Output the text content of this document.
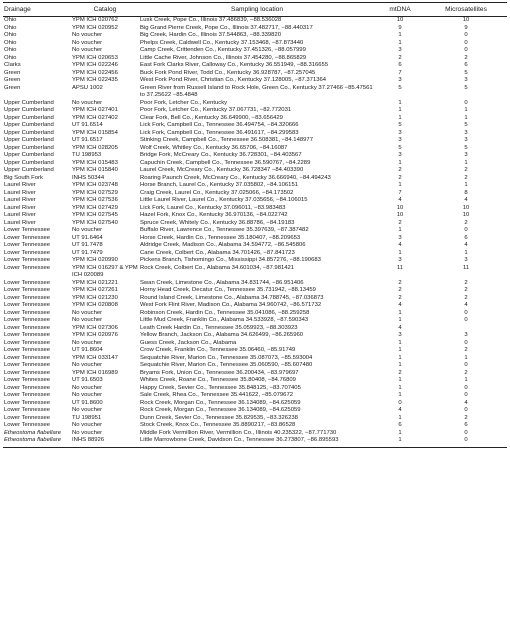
Drainage	Catalog	Sampling location	mtDNA	Microsatellites
Ohio	YPM ICH 020762	Lusk Creek, Pope Co., Illinois 37.486839, −88.536028	10	10
Ohio	YPM ICH 020952	Big Grand Pierre Creek, Pope Co., Illinois 37.482717, −88.440317	9	9
Ohio	No voucher	Big Creek, Hardin Co., Illinois 37.544863, −88.339820	1	0
Ohio	No voucher	Phelps Creek, Caldwell Co., Kentucky 37.153468, −87.873440	1	0
Ohio	No voucher	Camp Creek, Crittenden Co., Kentucky 37.451326, −88.057999	3	0
Ohio	YPM ICH 020653	Little Cache River, Johnson Co., Illinois 37.454280, −88.865829	2	2
Clarks	YPM ICH 022246	East Fork Clarks River, Calloway Co., Kentucky 36.551949, −88.316655	6	6
Green	YPM ICH 022456	Buck Fork Pond River, Todd Co., Kentucky 36.928787, −87.257045	7	5
Green	YPM ICH 022435	West Fork Pond River, Christian Co., Kentucky 37.128005, −87.371364	3	3
Green	APSU 1002	Green River from Russell Island to Rock Hole, Green Co., Kentucky 37.27466 −85.47561 to 37.25622 −85.4848	5	5
Upper Cumberland	No voucher	Poor Fork, Letcher Co., Kentucky	1	0
Upper Cumberland	YPM ICH 027401	Poor Fork, Letcher Co., Kentucky 37.067731, −82.772031	1	1
Upper Cumberland	YPM ICH 027402	Clear Fork, Bell Co., Kentucky 36.649900, −83.656429	1	1
Upper Cumberland	UT 91.6514	Lick Fork, Campbell Co., Tennessee 36.494754, −84.320666	5	5
Upper Cumberland	YPM ICH 015854	Lick Fork, Campbell Co., Tennessee 36.491617, −84.299583	3	3
Upper Cumberland	UT 91.6517	Stinking Creek, Campbell Co., Tennessee 36.508381, −84.148977	3	3
Upper Cumberland	YPM ICH 028205	Wolf Creek, Whitley Co., Kentucky 36.65706, −84.16087	5	5
Upper Cumberland	TU 198953	Bridge Fork, McCreary Co., Kentucky 36.728301, −84.403567	3	3
Upper Cumberland	YPM ICH 015483	Capuchin Creek, Campbell Co., Tennessee 36.590767, −84.2289	1	1
Upper Cumberland	YPM ICH 015840	Laurel Creek, McCreary Co., Kentucky 36.728347 −84.403390	2	2
Big South Fork	INHS 50344	Roaring Paunch Creek, McCreary Co., Kentucky 36.666940, −84.494243	2	2
Laurel River	YPM ICH 023748	Horse Branch, Laurel Co., Kentucky 37.035802, −84.106151	1	1
Laurel River	YPM ICH 027529	Craig Creek, Laurel Co., Kentucky 37.025066, −84.173502	7	8
Laurel River	YPM ICH 027536	Little Laurel River, Laurel Co., Kentucky 37.035656, −84.106015	4	4
Laurel River	YPM ICH 027429	Lick Fork, Laurel Co., Kentucky 37.096011, −83.983483	10	10
Laurel River	YPM ICH 027545	Hazel Fork, Knox Co., Kentucky 36.970136, −84.022742	10	10
Laurel River	YPM ICH 027540	Spruce Creek, Whitely Co., Kentucky 36.88786, −84.19183	2	2
Lower Tennessee	No voucher	Buffalo River, Lawrence Co., Tennessee 35.397639, −87.387482	1	0
Lower Tennessee	UT 91.6464	Horse Creek, Hardin Co., Tennessee 35.180407, −88.209653	3	6
Lower Tennessee	UT 91.7478	Aldridge Creek, Madison Co., Alabama 34.594772, −86.545806	4	4
Lower Tennessee	UT 91.7479	Cane Creek, Colbert Co., Alabama 34.701426, −87.841723	1	1
Lower Tennessee	YPM ICH 020990	Pickens Branch, Tishomingo Co., Mississippi 34.857276, −88.190683	3	3
Lower Tennessee	YPM ICH 016297 & YPM ICH 020089	Rock Creek, Colbert Co., Alabama 34.601034, −87.981421	11	11
Lower Tennessee	YPM ICH 021221	Swan Creek, Limestone Co., Alabama 34.831744, −86.951406	2	2
Lower Tennessee	YPM ICH 027261	Horny Head Creek, Decatur Co., Tennessee 35.731942, −88.13459	2	2
Lower Tennessee	YPM ICH 021230	Round Island Creek, Limestone Co., Alabama 34.788745, −87.036873	2	2
Lower Tennessee	YPM ICH 020808	West Fork Flint River, Madison Co., Alabama 34.960742, −86.571732	4	4
Lower Tennessee	No voucher	Robinson Creek, Hardin Co., Tennessee 35.041086, −88.259258	1	0
Lower Tennessee	No voucher	Little Mud Creek, Franklin Co., Alabama 34.533928, −87.590343	1	0
Lower Tennessee	YPM ICH 027306	Leath Creek Hardin Co., Tennessee 35.059923, −88.303923	4	
Lower Tennessee	YPM ICH 020976	Yellow Branch, Jackson Co., Alabama 34.626499, −86.265960	3	3
Lower Tennessee	No voucher	Guess Creek, Jackson Co., Alabama	1	0
Lower Tennessee	UT 91.8604	Crow Creek, Franklin Co., Tennessee 35.06460, −85.91749	1	2
Lower Tennessee	YPM ICH 033147	Sequatchie River, Marion Co., Tennessee 35.087073, −85.593004	1	1
Lower Tennessee	No voucher	Sequatchie River, Marion Co., Tennessee 35.060590, −85.607480	1	0
Lower Tennessee	YPM ICH 016989	Bryams Fork, Union Co., Tennessee 36.200434, −83.979697	2	2
Lower Tennessee	UT 91.6503	Whites Creek, Roane Co., Tennessee 35.80408, −84.76809	1	1
Lower Tennessee	No voucher	Happy Creek, Sevier Co., Tennessee 35.848125, −83.707405	1	0
Lower Tennessee	No voucher	Sale Creek, Rhea Co., Tennessee 35.441622, −85.079672	1	0
Lower Tennessee	UT 91.8600	Rock Creek, Morgan Co., Tennessee 36.134089, −84.625059	0	4
Lower Tennessee	No voucher	Rock Creek, Morgan Co., Tennessee 36.134089, −84.625059	4	0
Lower Tennessee	TU 198951	Dunn Creek, Sevier Co., Tennessee 35.829535, −83.326238	1	2
Lower Tennessee	No voucher	Stock Creek, Knox Co., Tennessee 35.8890217, −83.86528	6	6
Etheostoma flabellare	No voucher	Middle Fork Vermillion River, Vermillion Co., Illinois 40.235322, −87.771730	1	0
Etheostoma flabellare	INHS 88926	Little Marrowbone Creek, Davidson Co., Tennessee 36.273807, −86.895593	1	0
